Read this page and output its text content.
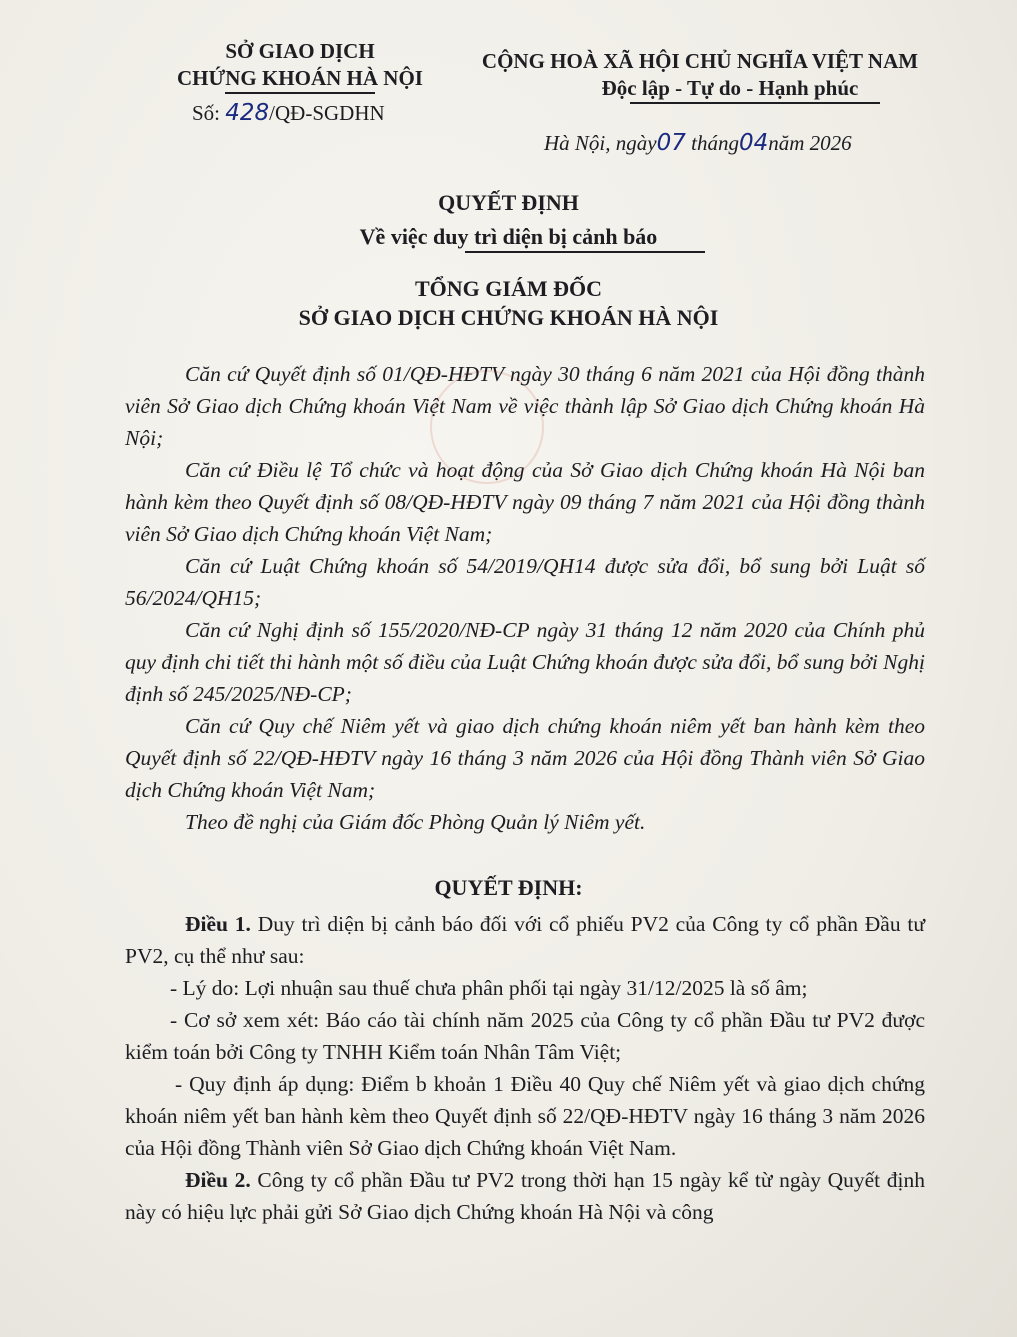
SỞ GIAO DỊCH
CHỨNG KHOÁN HÀ NỘI
Số: 428/QĐ-SGDHN
CỘNG HOÀ XÃ HỘI CHỦ NGHĨA VIỆT NAM
Độc lập - Tự do - Hạnh phúc
Hà Nội, ngày07 tháng04năm 2026
QUYẾT ĐỊNH
Về việc duy trì diện bị cảnh báo
TỔNG GIÁM ĐỐC
SỞ GIAO DỊCH CHỨNG KHOÁN HÀ NỘI

Căn cứ Quyết định số 01/QĐ-HĐTV ngày 30 tháng 6 năm 2021 của Hội đồng thành viên Sở Giao dịch Chứng khoán Việt Nam về việc thành lập Sở Giao dịch Chứng khoán Hà Nội;

Căn cứ Điều lệ Tổ chức và hoạt động của Sở Giao dịch Chứng khoán Hà Nội ban hành kèm theo Quyết định số 08/QĐ-HĐTV ngày 09 tháng 7 năm 2021 của Hội đồng thành viên Sở Giao dịch Chứng khoán Việt Nam;

Căn cứ Luật Chứng khoán số 54/2019/QH14 được sửa đổi, bổ sung bởi Luật số 56/2024/QH15;

Căn cứ Nghị định số 155/2020/NĐ-CP ngày 31 tháng 12 năm 2020 của Chính phủ quy định chi tiết thi hành một số điều của Luật Chứng khoán được sửa đổi, bổ sung bởi Nghị định số 245/2025/NĐ-CP;

Căn cứ Quy chế Niêm yết và giao dịch chứng khoán niêm yết ban hành kèm theo Quyết định số 22/QĐ-HĐTV ngày 16 tháng 3 năm 2026 của Hội đồng Thành viên Sở Giao dịch Chứng khoán Việt Nam;

Theo đề nghị của Giám đốc Phòng Quản lý Niêm yết.

QUYẾT ĐỊNH:

Điều 1. Duy trì diện bị cảnh báo đối với cổ phiếu PV2 của Công ty cổ phần Đầu tư PV2, cụ thể như sau:

- Lý do: Lợi nhuận sau thuế chưa phân phối tại ngày 31/12/2025 là số âm;

- Cơ sở xem xét: Báo cáo tài chính năm 2025 của Công ty cổ phần Đầu tư PV2 được kiểm toán bởi Công ty TNHH Kiểm toán Nhân Tâm Việt;

- Quy định áp dụng: Điểm b khoản 1 Điều 40 Quy chế Niêm yết và giao dịch chứng khoán niêm yết ban hành kèm theo Quyết định số 22/QĐ-HĐTV ngày 16 tháng 3 năm 2026 của Hội đồng Thành viên Sở Giao dịch Chứng khoán Việt Nam.

Điều 2. Công ty cổ phần Đầu tư PV2 trong thời hạn 15 ngày kể từ ngày Quyết định này có hiệu lực phải gửi Sở Giao dịch Chứng khoán Hà Nội và công
